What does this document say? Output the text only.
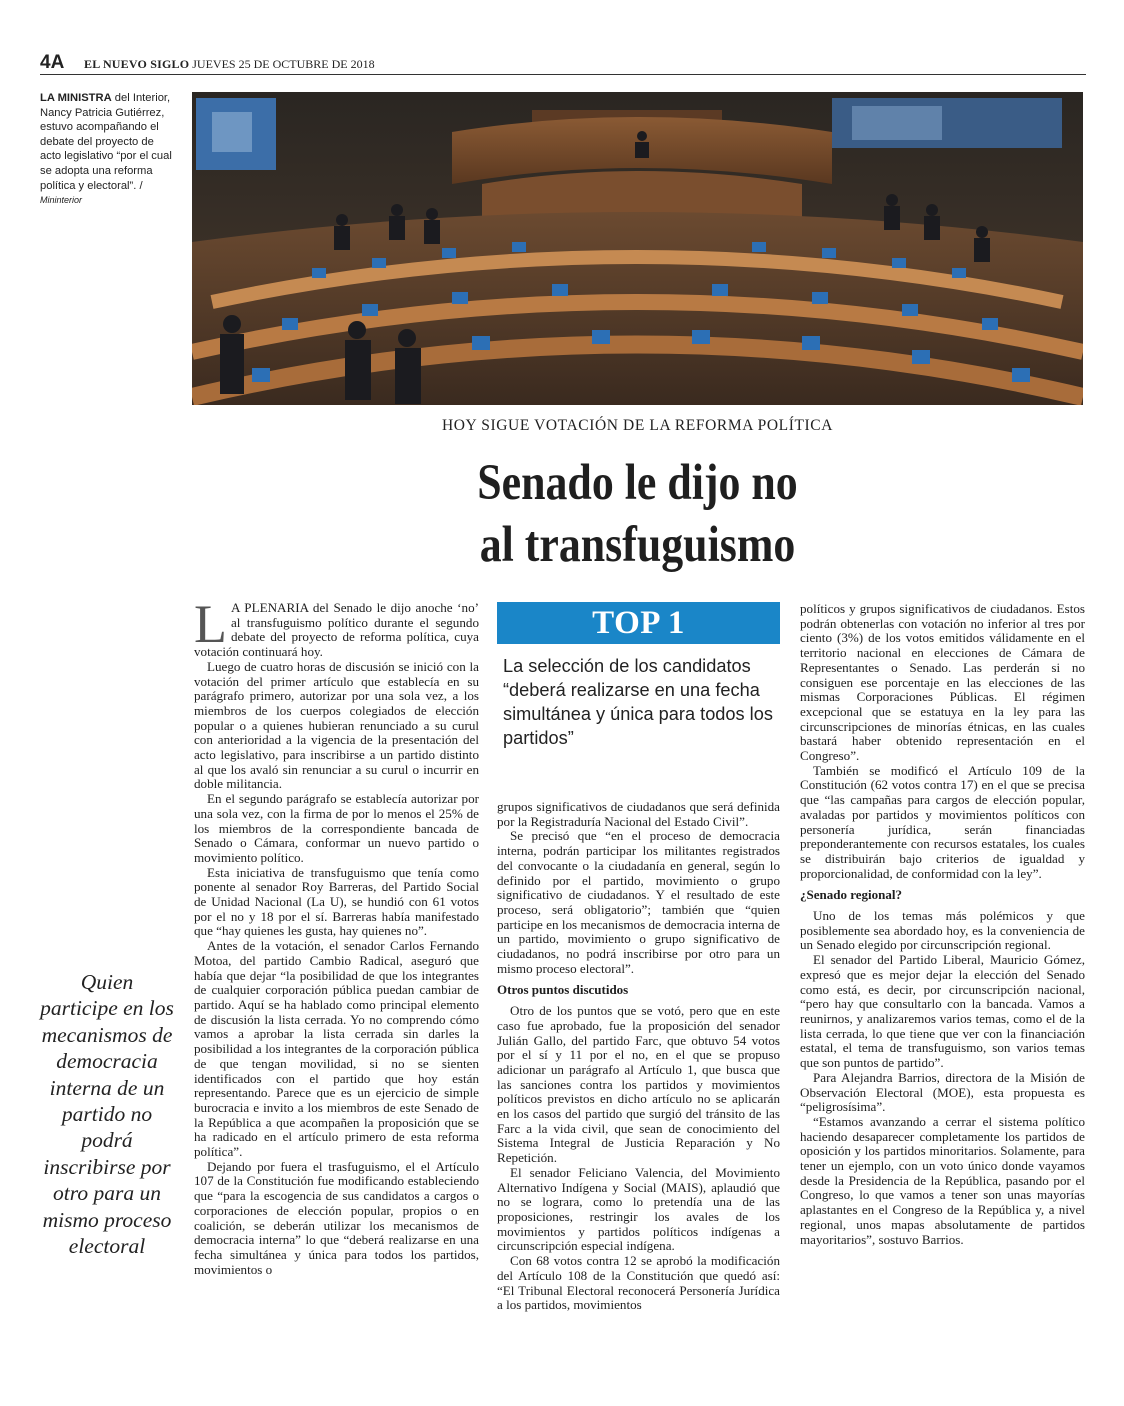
4A EL NUEVO SIGLO JUEVES 25 DE OCTUBRE DE 2018
LA MINISTRA del Interior, Nancy Patricia Gutiérrez, estuvo acompañando el debate del proyecto de acto legislativo “por el cual se adopta una reforma política y electoral”. /
Mininterior
HOY SIGUE VOTACIÓN DE LA REFORMA POLÍTICA
Senado le dijo no
al transfuguismo

L A PLENARIA del Senado le dijo anoche ‘no’ al transfuguismo político durante el segundo debate del proyecto de reforma política, cuya votación continuará hoy.

Luego de cuatro horas de discusión se inició con la votación del primer artículo que establecía en su parágrafo primero, autorizar por una sola vez, a los miembros de los cuerpos colegiados de elección popular o a quienes hubieran renunciado a su curul con anterioridad a la vigencia de la presentación del acto legislativo, para inscribirse a un partido distinto al que los avaló sin renunciar a su curul o incurrir en doble militancia.

En el segundo parágrafo se establecía autorizar por una sola vez, con la firma de por lo menos el 25% de los miembros de la correspondiente bancada de Senado o Cámara, conformar un nuevo partido o movimiento político.

Esta iniciativa de transfuguismo que tenía como ponente al senador Roy Barreras, del Partido Social de Unidad Nacional (La U), se hundió con 61 votos por el no y 18 por el sí. Barreras había manifestado que “hay quienes les gusta, hay quienes no”.

Antes de la votación, el senador Carlos Fernando Motoa, del partido Cambio Radical, aseguró que había que dejar “la posibilidad de que los integrantes de cualquier corporación pública puedan cambiar de partido. Aquí se ha hablado como principal elemento de discusión la lista cerrada. Yo no comprendo cómo vamos a aprobar la lista cerrada sin darles la posibilidad a los integrantes de la corporación pública de que tengan movilidad, si no se sienten identificados con el partido que hoy están representando. Parece que es un ejercicio de simple burocracia e invito a los miembros de este Senado de la República a que acompañen la proposición que se ha radicado en el artículo primero de esta reforma política”.

Dejando por fuera el trasfuguismo, el el Artículo 107 de la Constitución fue modificando estableciendo que “para la escogencia de sus candidatos a cargos o corporaciones de elección popular, propios o en coalición, se deberán utilizar los mecanismos de democracia interna” lo que “deberá realizarse en una fecha simultánea y única para todos los partidos, movimientos o

TOP 1
La selección de los candidatos “deberá realizarse en una fecha simultánea y única para todos los partidos”

grupos significativos de ciudadanos que será definida por la Registraduría Nacional del Estado Civil”.

Se precisó que “en el proceso de democracia interna, podrán participar los militantes registrados del convocante o la ciudadanía en general, según lo definido por el partido, movimiento o grupo significativo de ciudadanos. Y el resultado de este proceso, será obligatorio”; también que “quien participe en los mecanismos de democracia interna de un partido, movimiento o grupo significativo de ciudadanos, no podrá inscribirse por otro para un mismo proceso electoral”.

Otros puntos discutidos

Otro de los puntos que se votó, pero que en este caso fue aprobado, fue la proposición del senador Julián Gallo, del partido Farc, que obtuvo 54 votos por el sí y 11 por el no, en el que se propuso adicionar un parágrafo al Artículo 1, que busca que las sanciones contra los partidos y movimientos políticos previstos en dicho artículo no se aplicarán en los casos del partido que surgió del tránsito de las Farc a la vida civil, que sean de conocimiento del Sistema Integral de Justicia Reparación y No Repetición.

El senador Feliciano Valencia, del Movimiento Alternativo Indígena y Social (MAIS), aplaudió que no se lograra, como lo pretendía una de las proposiciones, restringir los avales de los movimientos y partidos políticos indígenas a circunscripción especial indígena.

Con 68 votos contra 12 se aprobó la modificación del Artículo 108 de la Constitución que quedó así: “El Tribunal Electoral reconocerá Personería Jurídica a los partidos, movimientos

políticos y grupos significativos de ciudadanos. Estos podrán obtenerlas con votación no inferior al tres por ciento (3%) de los votos emitidos válidamente en el territorio nacional en elecciones de Cámara de Representantes o Senado. Las perderán si no consiguen ese porcentaje en las elecciones de las mismas Corporaciones Públicas. El régimen excepcional que se estatuya en la ley para las circunscripciones de minorías étnicas, en las cuales bastará haber obtenido representación en el Congreso”.

También se modificó el Artículo 109 de la Constitución (62 votos contra 17) en el que se precisa que “las campañas para cargos de elección popular, avaladas por partidos y movimientos políticos con personería jurídica, serán financiadas preponderantemente con recursos estatales, los cuales se distribuirán bajo criterios de igualdad y proporcionalidad, de conformidad con la ley”.

¿Senado regional?

Uno de los temas más polémicos y que posiblemente sea abordado hoy, es la conveniencia de un Senado elegido por circunscripción regional.

El senador del Partido Liberal, Mauricio Gómez, expresó que es mejor dejar la elección del Senado como está, es decir, por circunscripción nacional, “pero hay que consultarlo con la bancada. Vamos a reunirnos, y analizaremos varios temas, como el de la lista cerrada, lo que tiene que ver con la financiación estatal, el tema de transfuguismo, son varios temas que son puntos de partido”.

Para Alejandra Barrios, directora de la Misión de Observación Electoral (MOE), esta propuesta es “peligrosísima”.

“Estamos avanzando a cerrar el sistema político haciendo desaparecer completamente los partidos de oposición y los partidos minoritarios. Solamente, para tener un ejemplo, con un voto único donde vayamos desde la Presidencia de la República, pasando por el Congreso, lo que vamos a tener son unas mayorías aplastantes en el Congreso de la República y, a nivel regional, unos mapas absolutamente de partidos mayoritarios”, sostuvo Barrios.

Quien participe en los mecanismos de democracia interna de un partido no podrá inscribirse por otro para un mismo proceso electoral
